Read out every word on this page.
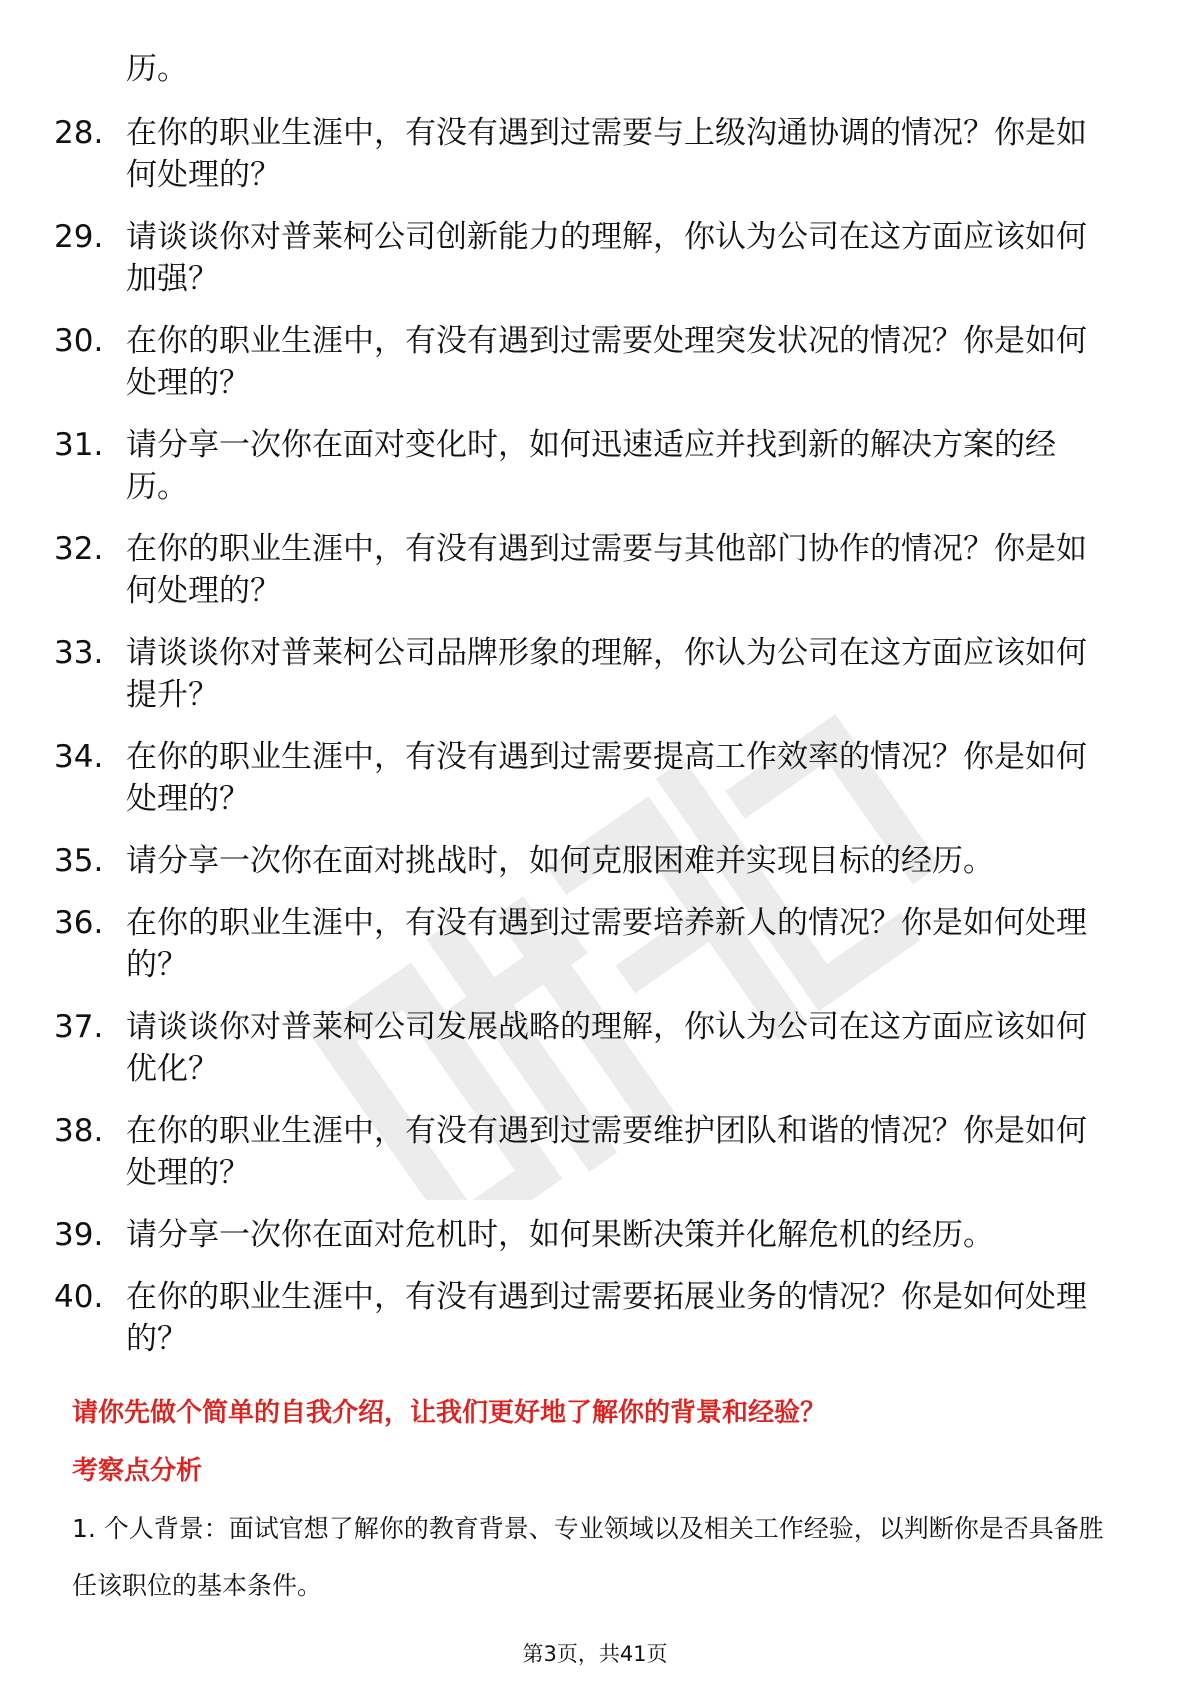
历。
28. 在你的职业生涯中，有没有遇到过需要与上级沟通协调的情况？你是如何处理的？
29. 请谈谈你对普莱柯公司创新能力的理解，你认为公司在这方面应该如何加强？
30. 在你的职业生涯中，有没有遇到过需要处理突发状况的情况？你是如何处理的？
31. 请分享一次你在面对变化时，如何迅速适应并找到新的解决方案的经历。
32. 在你的职业生涯中，有没有遇到过需要与其他部门协作的情况？你是如何处理的？
33. 请谈谈你对普莱柯公司品牌形象的理解，你认为公司在这方面应该如何提升？
34. 在你的职业生涯中，有没有遇到过需要提高工作效率的情况？你是如何处理的？
35. 请分享一次你在面对挑战时，如何克服困难并实现目标的经历。
36. 在你的职业生涯中，有没有遇到过需要培养新人的情况？你是如何处理的？
37. 请谈谈你对普莱柯公司发展战略的理解，你认为公司在这方面应该如何优化？
38. 在你的职业生涯中，有没有遇到过需要维护团队和谐的情况？你是如何处理的？
39. 请分享一次你在面对危机时，如何果断决策并化解危机的经历。
40. 在你的职业生涯中，有没有遇到过需要拓展业务的情况？你是如何处理的？
请你先做个简单的自我介绍，让我们更好地了解你的背景和经验？
考察点分析
1. 个人背景：面试官想了解你的教育背景、专业领域以及相关工作经验，以判断你是否具备胜任该职位的基本条件。
第3页，共41页
